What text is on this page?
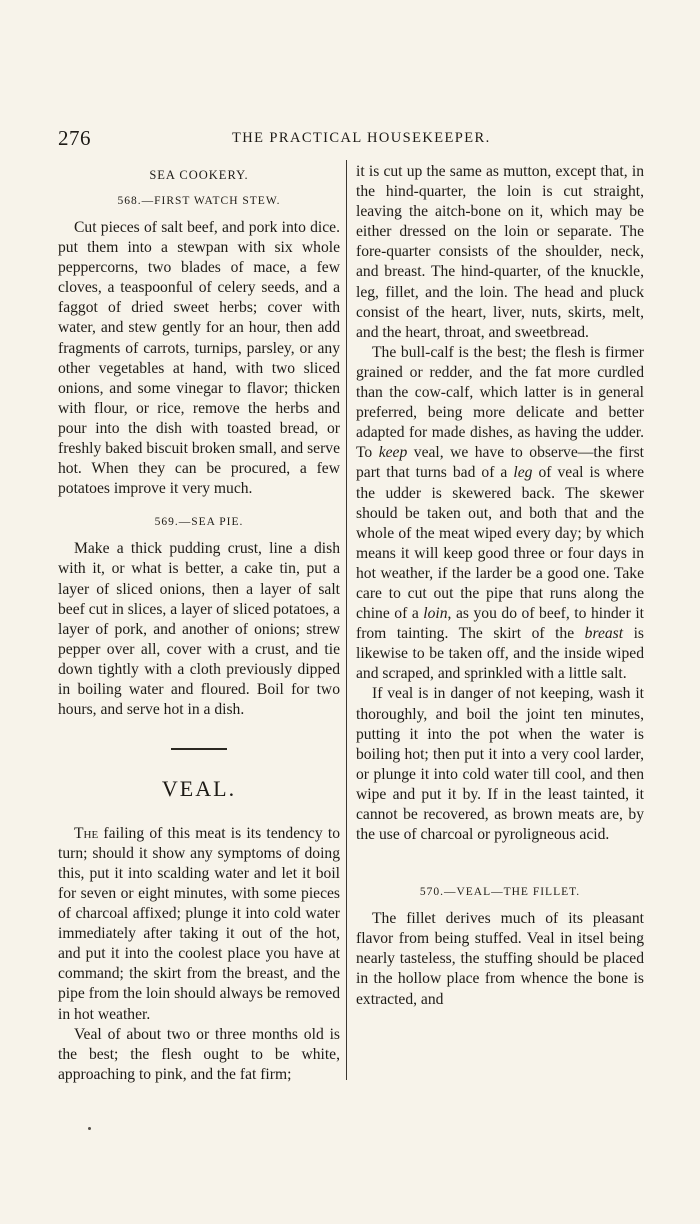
276	THE PRACTICAL HOUSEKEEPER.
SEA COOKERY.
568.—FIRST WATCH STEW.

Cut pieces of salt beef, and pork into dice. put them into a stewpan with six whole peppercorns, two blades of mace, a few cloves, a teaspoonful of celery seeds, and a faggot of dried sweet herbs; cover with water, and stew gently for an hour, then add fragments of carrots, turnips, parsley, or any other vegetables at hand, with two sliced onions, and some vinegar to flavor; thicken with flour, or rice, remove the herbs and pour into the dish with toasted bread, or freshly baked biscuit broken small, and serve hot. When they can be procured, a few potatoes improve it very much.

569.—SEA PIE.

Make a thick pudding crust, line a dish with it, or what is better, a cake tin, put a layer of sliced onions, then a layer of salt beef cut in slices, a layer of sliced potatoes, a layer of pork, and another of onions; strew pepper over all, cover with a crust, and tie down tightly with a cloth previously dipped in boiling water and floured. Boil for two hours, and serve hot in a dish.

VEAL.

The failing of this meat is its tendency to turn; should it show any symptoms of doing this, put it into scalding water and let it boil for seven or eight minutes, with some pieces of charcoal affixed; plunge it into cold water immediately after taking it out of the hot, and put it into the coolest place you have at command; the skirt from the breast, and the pipe from the loin should always be removed in hot weather.

Veal of about two or three months old is the best; the flesh ought to be white, approaching to pink, and the fat firm;

it is cut up the same as mutton, except that, in the hind-quarter, the loin is cut straight, leaving the aitch-bone on it, which may be either dressed on the loin or separate. The fore-quarter consists of the shoulder, neck, and breast. The hind-quarter, of the knuckle, leg, fillet, and the loin. The head and pluck consist of the heart, liver, nuts, skirts, melt, and the heart, throat, and sweetbread.

The bull-calf is the best; the flesh is firmer grained or redder, and the fat more curdled than the cow-calf, which latter is in general preferred, being more delicate and better adapted for made dishes, as having the udder. To keep veal, we have to observe—the first part that turns bad of a leg of veal is where the udder is skewered back. The skewer should be taken out, and both that and the whole of the meat wiped every day; by which means it will keep good three or four days in hot weather, if the larder be a good one. Take care to cut out the pipe that runs along the chine of a loin, as you do of beef, to hinder it from tainting. The skirt of the breast is likewise to be taken off, and the inside wiped and scraped, and sprinkled with a little salt.

If veal is in danger of not keeping, wash it thoroughly, and boil the joint ten minutes, putting it into the pot when the water is boiling hot; then put it into a very cool larder, or plunge it into cold water till cool, and then wipe and put it by. If in the least tainted, it cannot be recovered, as brown meats are, by the use of charcoal or pyroligneous acid.

570.—VEAL—THE FILLET.

The fillet derives much of its pleasant flavor from being stuffed. Veal in itsel being nearly tasteless, the stuffing should be placed in the hollow place from whence the bone is extracted, and
